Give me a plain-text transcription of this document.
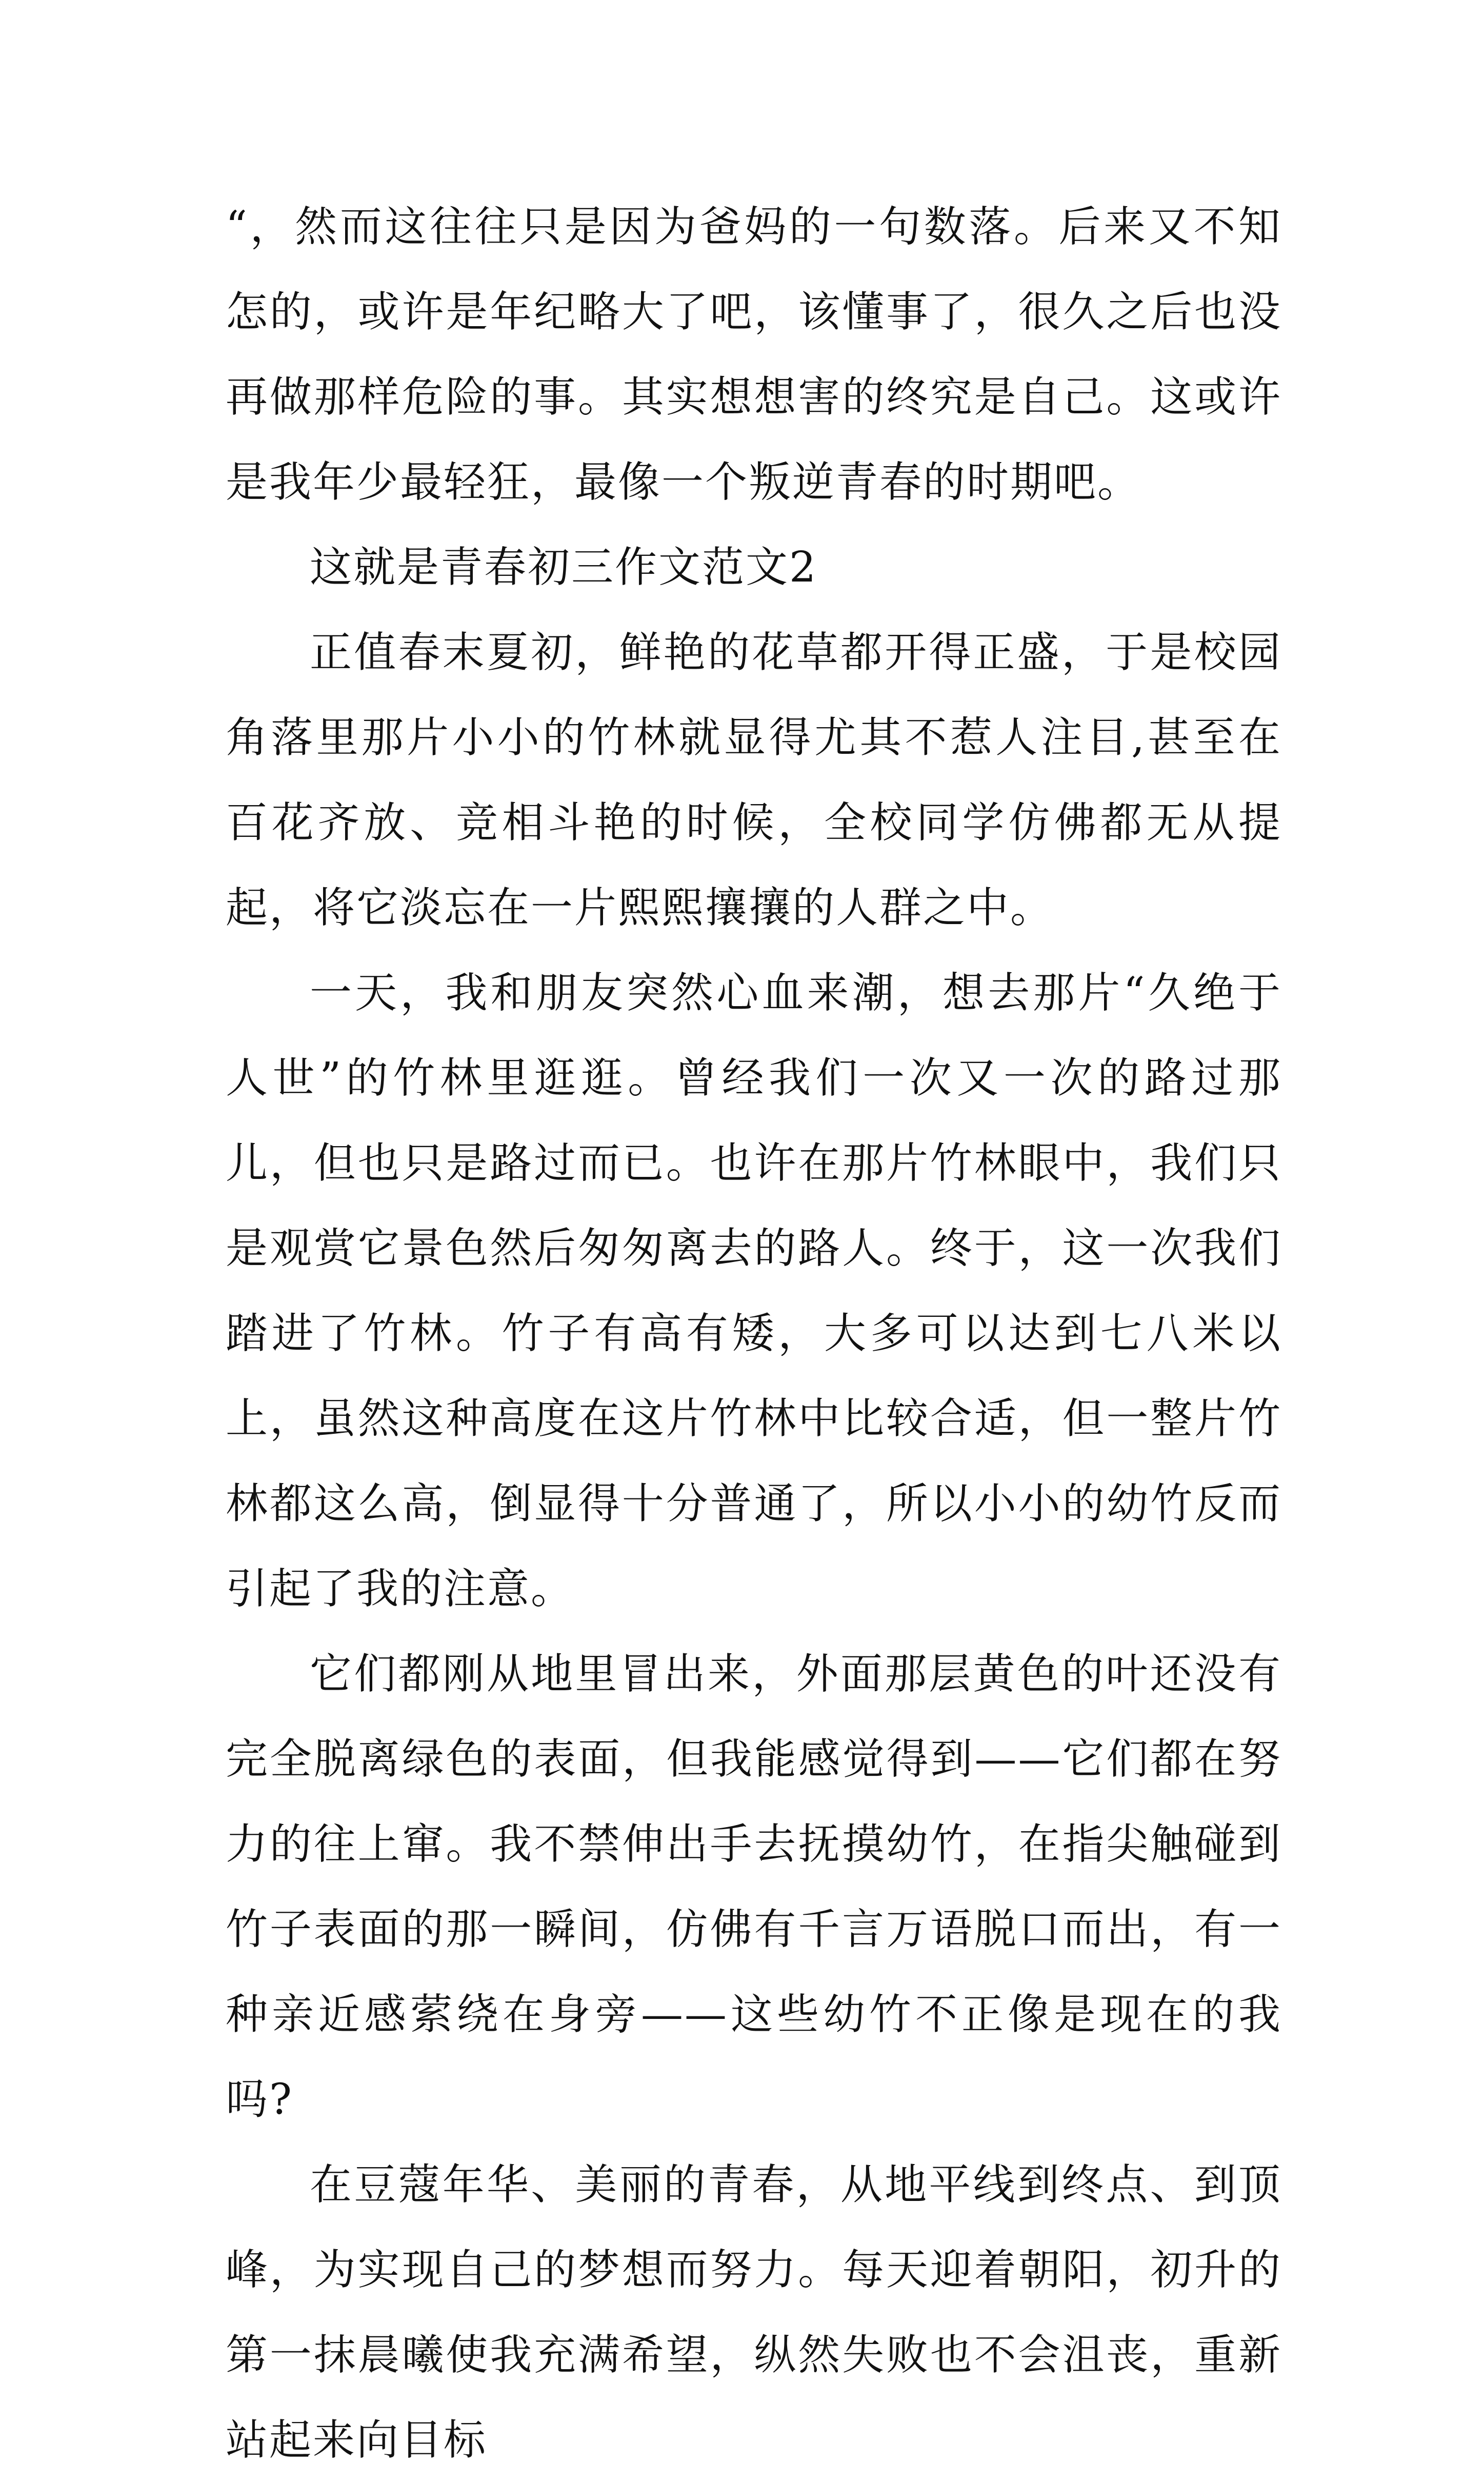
“，然而这往往只是因为爸妈的一句数落。后来又不知怎的，或许是年纪略大了吧，该懂事了，很久之后也没再做那样危险的事。其实想想害的终究是自己。这或许是我年少最轻狂，最像一个叛逆青春的时期吧。

这就是青春初三作文范文2

正值春末夏初，鲜艳的花草都开得正盛，于是校园角落里那片小小的竹林就显得尤其不惹人注目,甚至在百花齐放、竞相斗艳的时候，全校同学仿佛都无从提起，将它淡忘在一片熙熙攘攘的人群之中。

一天，我和朋友突然心血来潮，想去那片“久绝于人世”的竹林里逛逛。曾经我们一次又一次的路过那儿，但也只是路过而已。也许在那片竹林眼中，我们只是观赏它景色然后匆匆离去的路人。终于，这一次我们踏进了竹林。竹子有高有矮，大多可以达到七八米以上，虽然这种高度在这片竹林中比较合适，但一整片竹林都这么高，倒显得十分普通了，所以小小的幼竹反而引起了我的注意。

它们都刚从地里冒出来，外面那层黄色的叶还没有完全脱离绿色的表面，但我能感觉得到——它们都在努力的往上窜。我不禁伸出手去抚摸幼竹，在指尖触碰到竹子表面的那一瞬间，仿佛有千言万语脱口而出，有一种亲近感萦绕在身旁——这些幼竹不正像是现在的我吗?

在豆蔻年华、美丽的青春，从地平线到终点、到顶峰，为实现自己的梦想而努力。每天迎着朝阳，初升的第一抹晨曦使我充满希望，纵然失败也不会沮丧，重新站起来向目标
